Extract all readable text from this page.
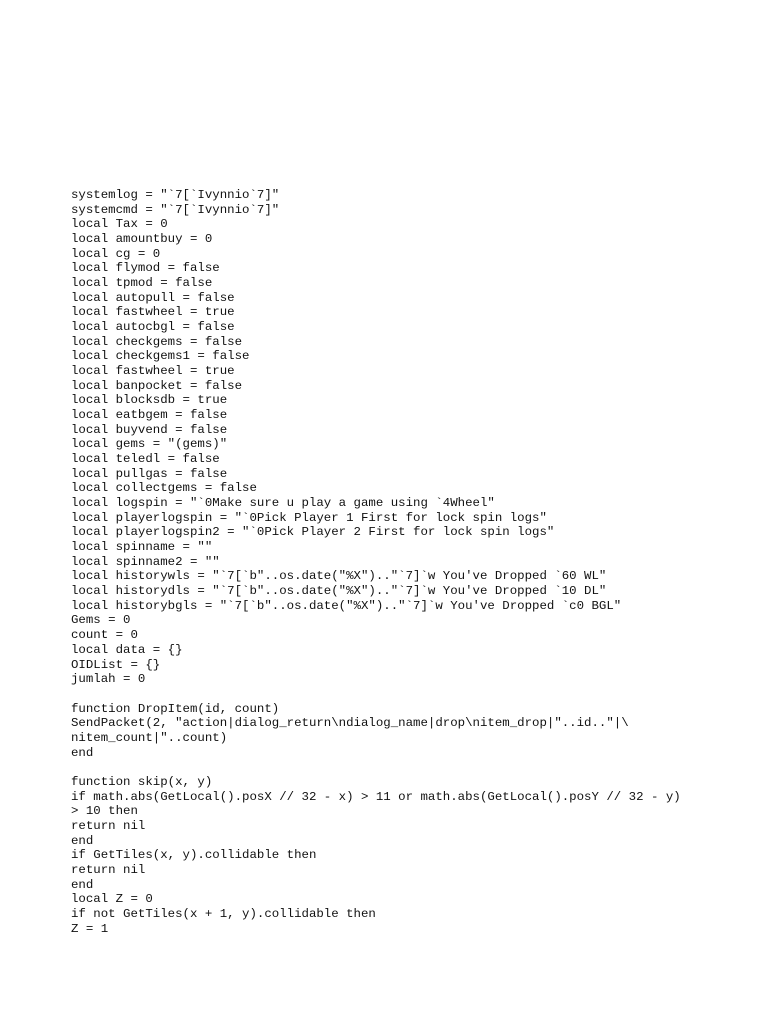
systemlog = "`7[`Ivynnio`7]"
systemcmd = "`7[`Ivynnio`7]"
local Tax = 0
local amountbuy = 0
local cg = 0
local flymod = false
local tpmod = false
local autopull = false
local fastwheel = true
local autocbgl = false
local checkgems = false
local checkgems1 = false
local fastwheel = true
local banpocket = false
local blocksdb = true
local eatbgem = false
local buyvend = false
local gems = "(gems)"
local teledl = false
local pullgas = false
local collectgems = false
local logspin = "`0Make sure u play a game using `4Wheel"
local playerlogspin = "`0Pick Player 1 First for lock spin logs"
local playerlogspin2 = "`0Pick Player 2 First for lock spin logs"
local spinname = ""
local spinname2 = ""
local historywls = "`7[`b"..os.date("%X").."`7]`w You've Dropped `60 WL"
local historydls = "`7[`b"..os.date("%X").."`7]`w You've Dropped `10 DL"
local historybgls = "`7[`b"..os.date("%X").."`7]`w You've Dropped `c0 BGL"
Gems = 0
count = 0
local data = {}
OIDList = {}
jumlah = 0
function DropItem(id, count)
SendPacket(2, "action|dialog_return\ndialog_name|drop\nitem_drop|"..id.."|\
nitem_count|"..count)
end
function skip(x, y)
if math.abs(GetLocal().posX // 32 - x) > 11 or math.abs(GetLocal().posY // 32 - y)
> 10 then
return nil
end
if GetTiles(x, y).collidable then
return nil
end
local Z = 0
if not GetTiles(x + 1, y).collidable then
Z = 1
